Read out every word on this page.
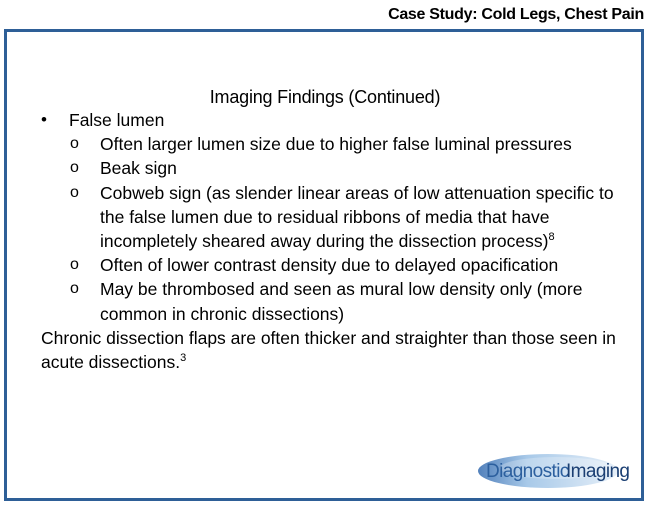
Case Study: Cold Legs, Chest Pain
Imaging Findings (Continued)
• False lumen
o Often larger lumen size due to higher false luminal pressures
o Beak sign
o Cobweb sign (as slender linear areas of low attenuation specific to the false lumen due to residual ribbons of media that have incompletely sheared away during the dissection process)$^8$
o Often of lower contrast density due to delayed opacification
o May be thrombosed and seen as mural low density only (more common in chronic dissections)

Chronic dissection flaps are often thicker and straighter than those seen in acute dissections.$^3$

Diagnostic
Imaging
